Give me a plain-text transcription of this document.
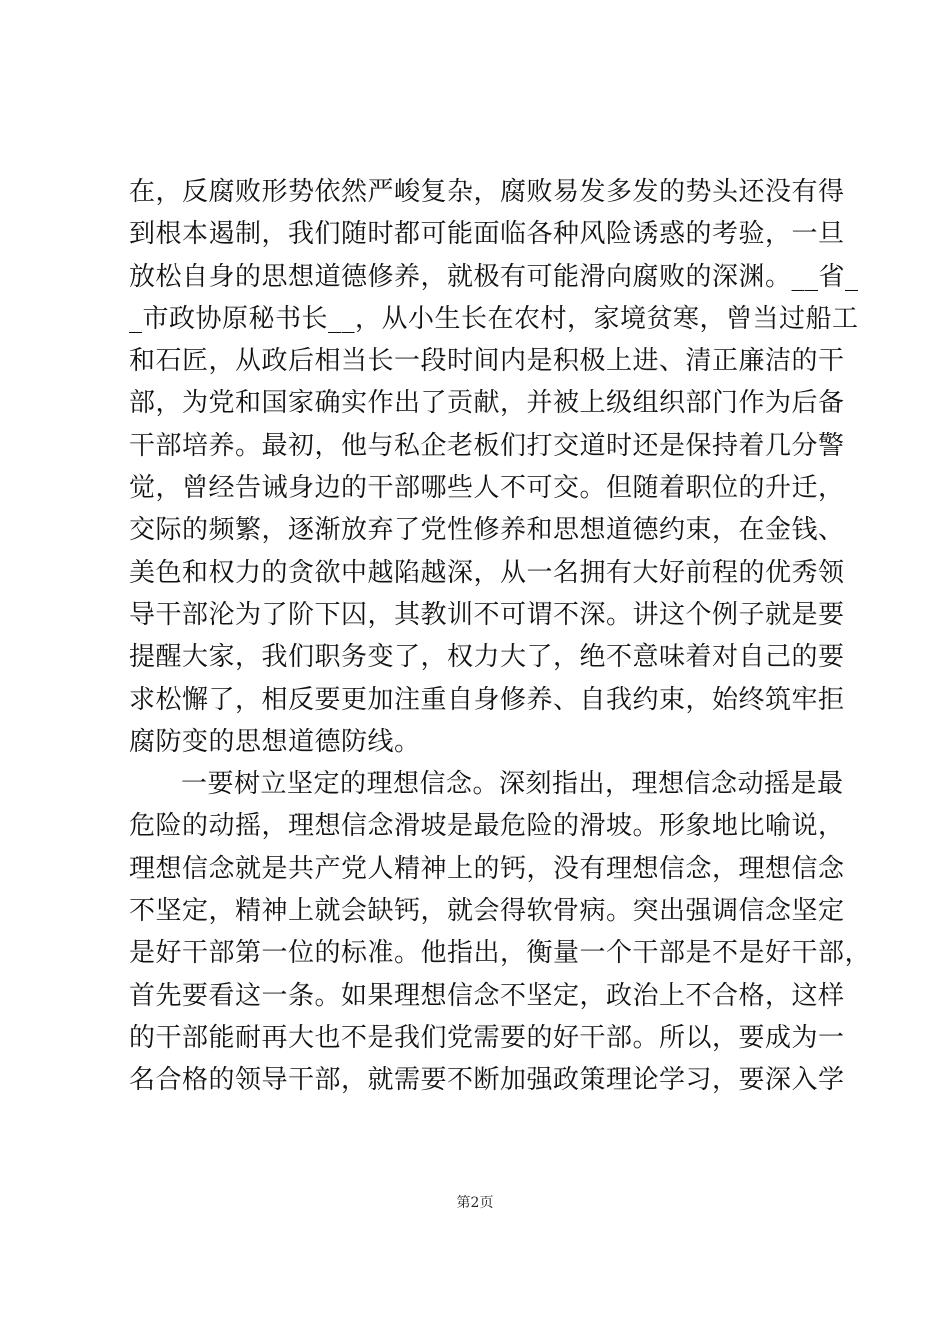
在，反腐败形势依然严峻复杂，腐败易发多发的势头还没有得
到根本遏制，我们随时都可能面临各种风险诱惑的考验，一旦
放松自身的思想道德修养，就极有可能滑向腐败的深渊。__省_
_市政协原秘书长__，从小生长在农村，家境贫寒，曾当过船工
和石匠，从政后相当长一段时间内是积极上进、清正廉洁的干
部，为党和国家确实作出了贡献，并被上级组织部门作为后备
干部培养。最初，他与私企老板们打交道时还是保持着几分警
觉，曾经告诫身边的干部哪些人不可交。但随着职位的升迁，
交际的频繁，逐渐放弃了党性修养和思想道德约束，在金钱、
美色和权力的贪欲中越陷越深，从一名拥有大好前程的优秀领
导干部沦为了阶下囚，其教训不可谓不深。讲这个例子就是要
提醒大家，我们职务变了，权力大了，绝不意味着对自己的要
求松懈了，相反要更加注重自身修养、自我约束，始终筑牢拒
腐防变的思想道德防线。
一要树立坚定的理想信念。深刻指出，理想信念动摇是最
危险的动摇，理想信念滑坡是最危险的滑坡。形象地比喻说，
理想信念就是共产党人精神上的钙，没有理想信念，理想信念
不坚定，精神上就会缺钙，就会得软骨病。突出强调信念坚定
是好干部第一位的标准。他指出，衡量一个干部是不是好干部，
首先要看这一条。如果理想信念不坚定，政治上不合格，这样
的干部能耐再大也不是我们党需要的好干部。所以，要成为一
名合格的领导干部，就需要不断加强政策理论学习，要深入学
第2页
